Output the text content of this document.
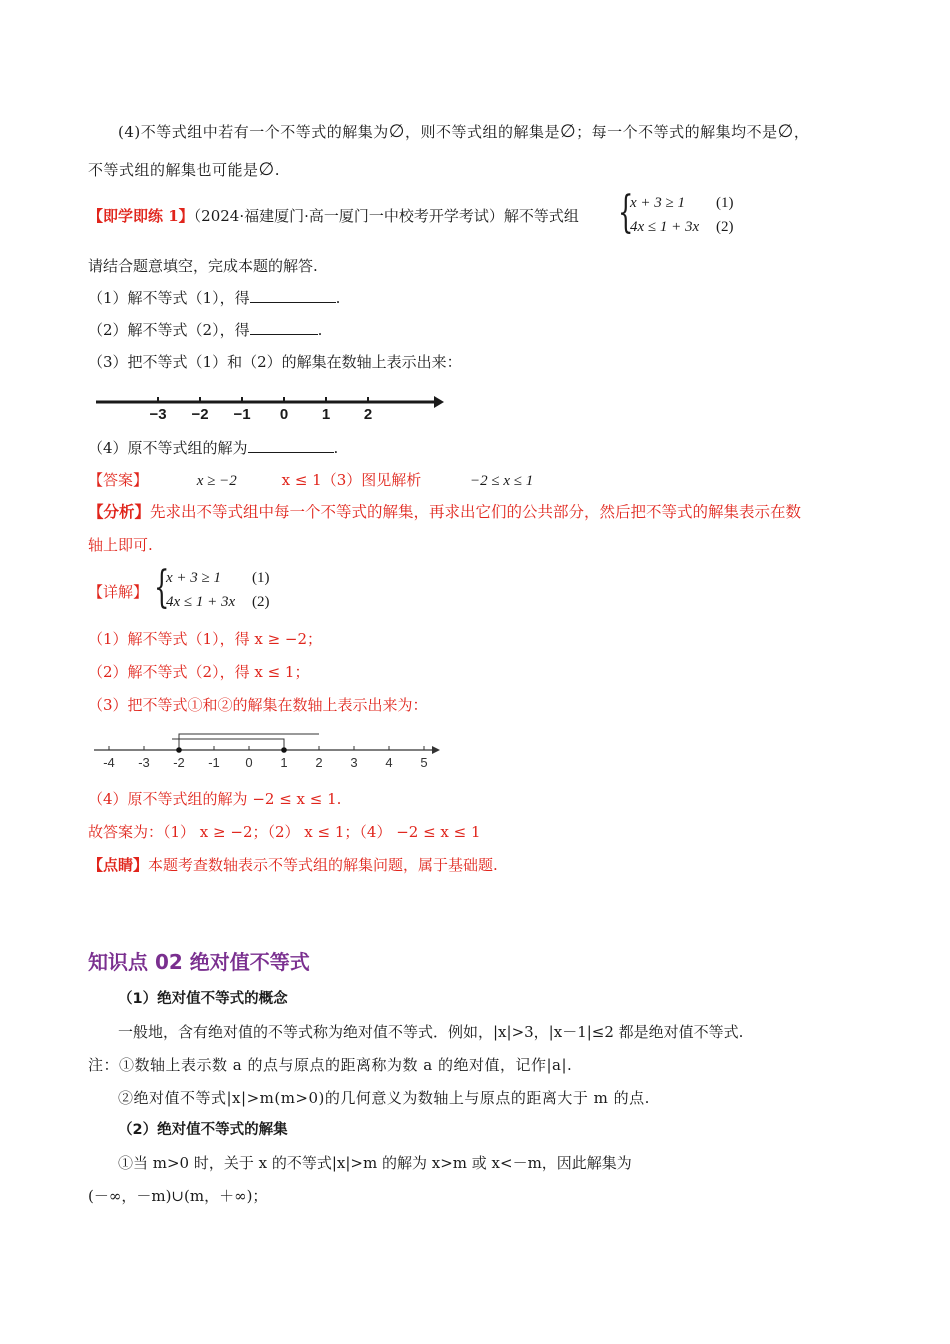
(4)不等式组中若有一个不等式的解集为∅，则不等式组的解集是∅；每一个不等式的解集均不是∅，
不等式组的解集也可能是∅.
【即学即练 1】（2024·福建厦门·高一厦门一中校考开学考试）解不等式组 {
x + 3 ≥ 1 (1)
4x ≤ 1 + 3x (2)
请结合题意填空，完成本题的解答.
（1）解不等式（1），得	.
（2）解不等式（2），得	.
（3）把不等式（1）和（2）的解集在数轴上表示出来：
−3 −2 −1 0 1 2
（4）原不等式组的解为	.
【答案】	x ≥ −2	x ≤ 1（3）图见解析	−2 ≤ x ≤ 1
【分析】先求出不等式组中每一个不等式的解集，再求出它们的公共部分，然后把不等式的解集表示在数
轴上即可.
【详解】 {
x + 3 ≥ 1 (1)
4x ≤ 1 + 3x (2)
（1）解不等式（1），得 x ≥ −2；
（2）解不等式（2），得 x ≤ 1；
（3）把不等式①和②的解集在数轴上表示出来为：
-4 -3 -2 -1 0 1 2 3 4 5
（4）原不等式组的解为 −2 ≤ x ≤ 1.
故答案为：（1） x ≥ −2；（2） x ≤ 1；（4） −2 ≤ x ≤ 1
【点睛】本题考查数轴表示不等式组的解集问题，属于基础题.
知识点 02 绝对值不等式
（1）绝对值不等式的概念
一般地，含有绝对值的不等式称为绝对值不等式．例如，|x|>3，|x－1|≤2 都是绝对值不等式.
注：①数轴上表示数 a 的点与原点的距离称为数 a 的绝对值，记作|a|.
②绝对值不等式|x|>m(m>0)的几何意义为数轴上与原点的距离大于 m 的点.
（2）绝对值不等式的解集
①当 m>0 时，关于 x 的不等式|x|>m 的解为 x>m 或 x<－m，因此解集为
(－∞，－m)∪(m，＋∞)；
